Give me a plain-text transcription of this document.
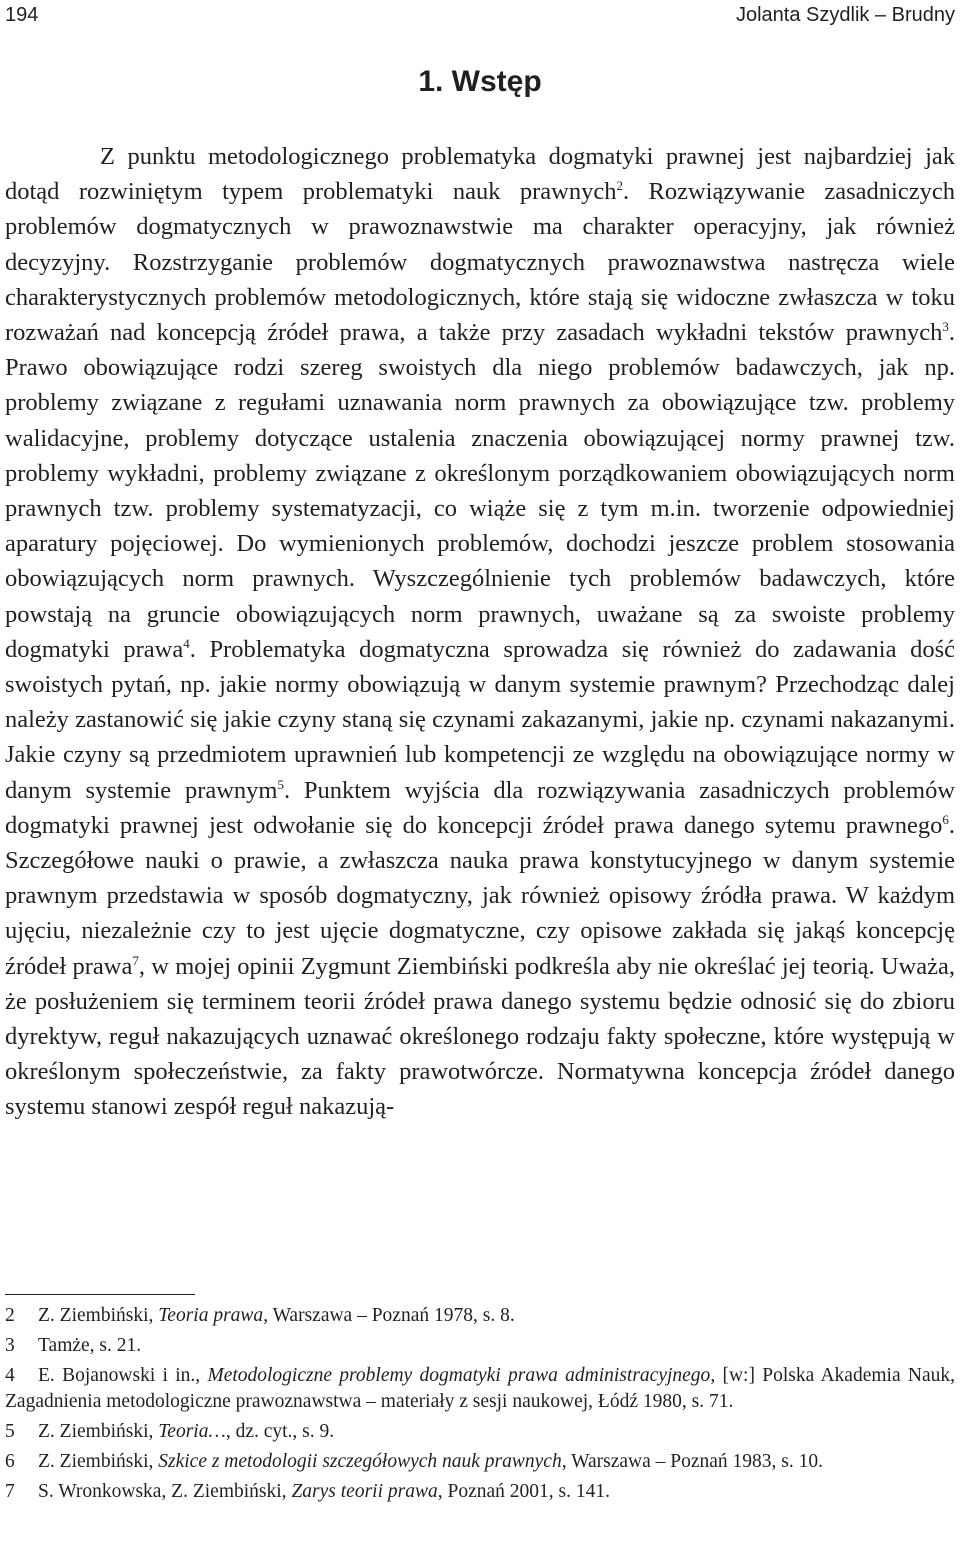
194	Jolanta Szydlik – Brudny
1. Wstęp

Z punktu metodologicznego problematyka dogmatyki prawnej jest najbardziej jak dotąd rozwiniętym typem problematyki nauk prawnych$^2$. Rozwiązywanie zasadniczych problemów dogmatycznych w prawoznawstwie ma charakter operacyjny, jak również decyzyjny. Rozstrzyganie problemów dogmatycznych prawoznawstwa nastręcza wiele charakterystycznych problemów metodologicznych, które stają się widoczne zwłaszcza w toku rozważań nad koncepcją źródeł prawa, a także przy zasadach wykładni tekstów prawnych$^3$. Prawo obowiązujące rodzi szereg swoistych dla niego problemów badawczych, jak np. problemy związane z regułami uznawania norm prawnych za obowiązujące tzw. problemy walidacyjne, problemy dotyczące ustalenia znaczenia obowiązującej normy prawnej tzw. problemy wykładni, problemy związane z określonym porządkowaniem obowiązujących norm prawnych tzw. problemy systematyzacji, co wiąże się z tym m.in. tworzenie odpowiedniej aparatury pojęciowej. Do wymienionych problemów, dochodzi jeszcze problem stosowania obowiązujących norm prawnych. Wyszczególnienie tych problemów badawczych, które powstają na gruncie obowiązujących norm prawnych, uważane są za swoiste problemy dogmatyki prawa$^4$. Problematyka dogmatyczna sprowadza się również do zadawania dość swoistych pytań, np. jakie normy obowiązują w danym systemie prawnym? Przechodząc dalej należy zastanowić się jakie czyny staną się czynami zakazanymi, jakie np. czynami nakazanymi. Jakie czyny są przedmiotem uprawnień lub kompetencji ze względu na obowiązujące normy w danym systemie prawnym$^5$. Punktem wyjścia dla rozwiązywania zasadniczych problemów dogmatyki prawnej jest odwołanie się do koncepcji źródeł prawa danego sytemu prawnego$^6$. Szczegółowe nauki o prawie, a zwłaszcza nauka prawa konstytucyjnego w danym systemie prawnym przedstawia w sposób dogmatyczny, jak również opisowy źródła prawa. W każdym ujęciu, niezależnie czy to jest ujęcie dogmatyczne, czy opisowe zakłada się jakąś koncepcję źródeł prawa$^7$, w mojej opinii Zygmunt Ziembiński podkreśla aby nie określać jej teorią. Uważa, że posłużeniem się terminem teorii źródeł prawa danego systemu będzie odnosić się do zbioru dyrektyw, reguł nakazujących uznawać określonego rodzaju fakty społeczne, które występują w określonym społeczeństwie, za fakty prawotwórcze. Normatywna koncepcja źródeł danego systemu stanowi zespół reguł nakazują-

2 Z. Ziembiński, Teoria prawa, Warszawa – Poznań 1978, s. 8.
3 Tamże, s. 21.
4 E. Bojanowski i in., Metodologiczne problemy dogmatyki prawa administracyjnego, [w:] Polska Akademia Nauk, Zagadnienia metodologiczne prawoznawstwa – materiały z sesji naukowej, Łódź 1980, s. 71.
5 Z. Ziembiński, Teoria…, dz. cyt., s. 9.
6 Z. Ziembiński, Szkice z metodologii szczegółowych nauk prawnych, Warszawa – Poznań 1983, s. 10.
7 S. Wronkowska, Z. Ziembiński, Zarys teorii prawa, Poznań 2001, s. 141.
